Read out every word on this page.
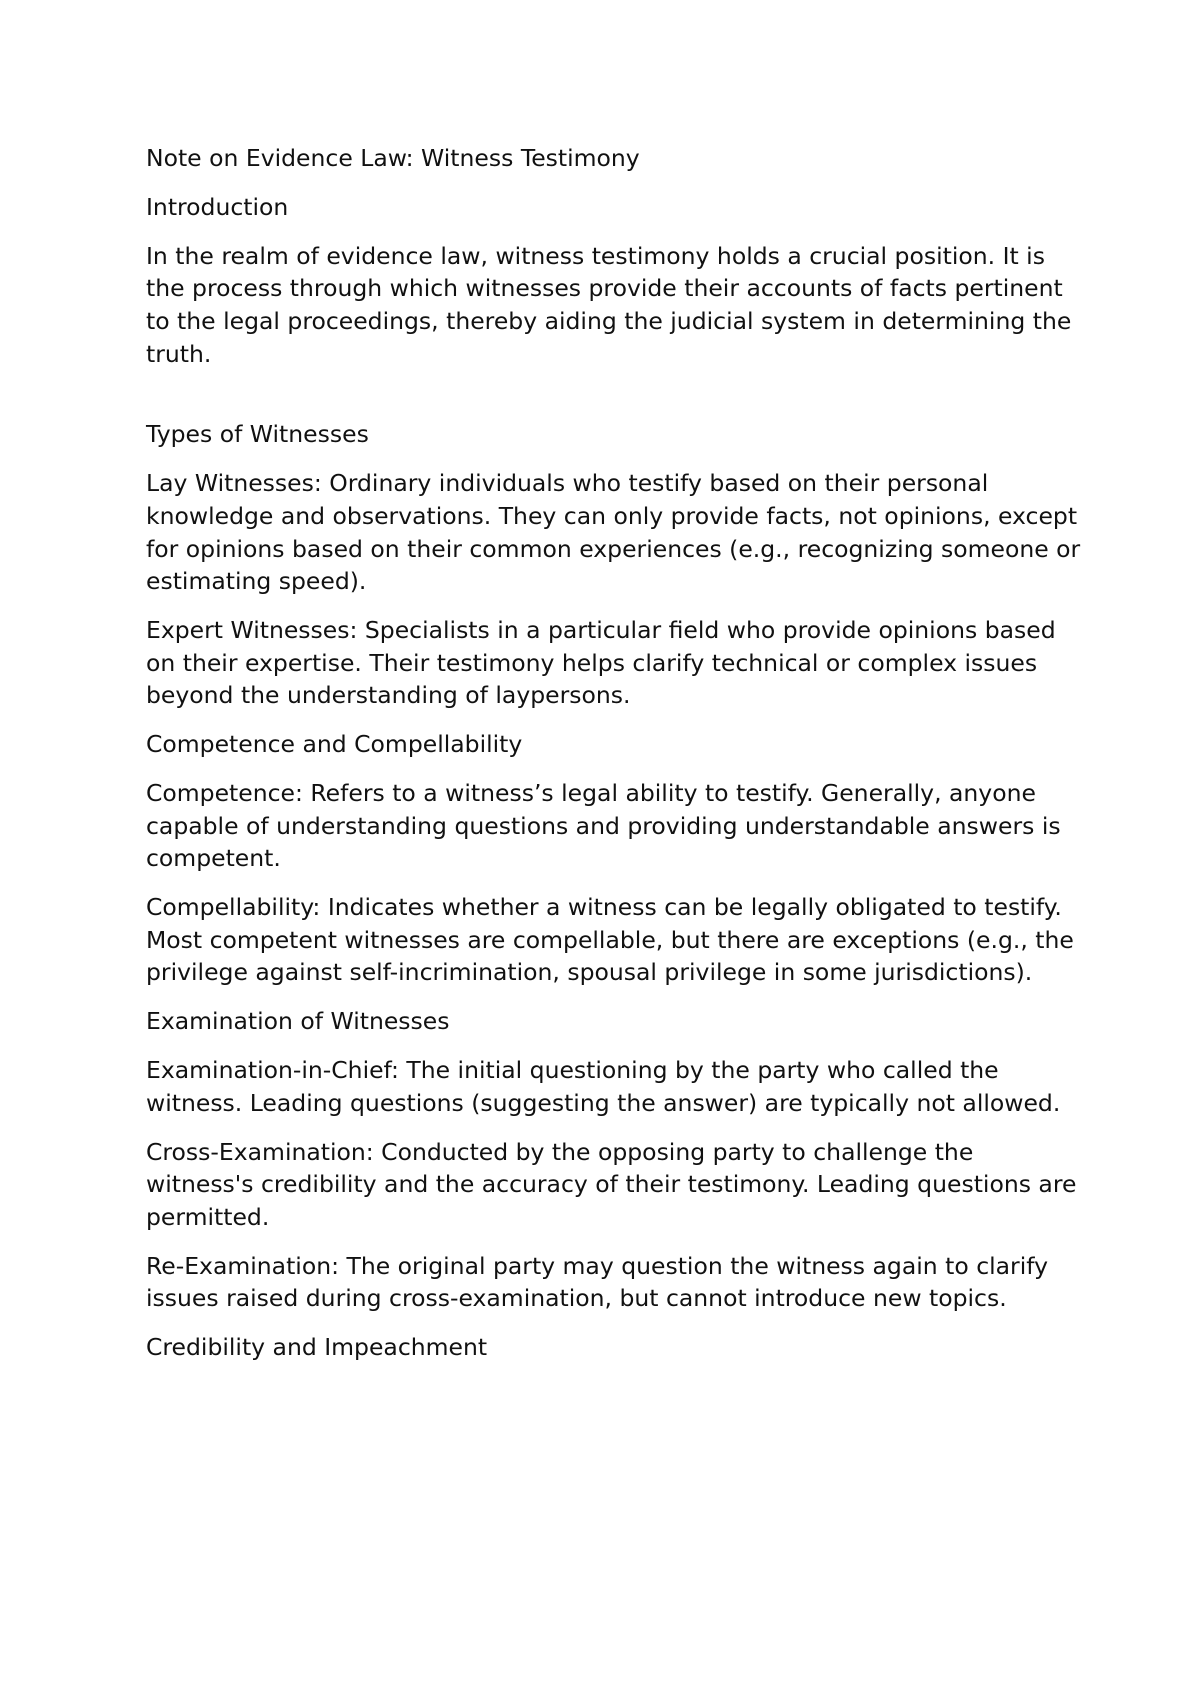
Note on Evidence Law: Witness Testimony

Introduction

In the realm of evidence law, witness testimony holds a crucial position. It is the process through which witnesses provide their accounts of facts pertinent to the legal proceedings, thereby aiding the judicial system in determining the truth.

Types of Witnesses

Lay Witnesses: Ordinary individuals who testify based on their personal knowledge and observations. They can only provide facts, not opinions, except for opinions based on their common experiences (e.g., recognizing someone or estimating speed).

Expert Witnesses: Specialists in a particular field who provide opinions based on their expertise. Their testimony helps clarify technical or complex issues beyond the understanding of laypersons.

Competence and Compellability

Competence: Refers to a witness’s legal ability to testify. Generally, anyone capable of understanding questions and providing understandable answers is competent.

Compellability: Indicates whether a witness can be legally obligated to testify. Most competent witnesses are compellable, but there are exceptions (e.g., the privilege against self-incrimination, spousal privilege in some jurisdictions).

Examination of Witnesses

Examination-in-Chief: The initial questioning by the party who called the witness. Leading questions (suggesting the answer) are typically not allowed.

Cross-Examination: Conducted by the opposing party to challenge the witness's credibility and the accuracy of their testimony. Leading questions are permitted.

Re-Examination: The original party may question the witness again to clarify issues raised during cross-examination, but cannot introduce new topics.

Credibility and Impeachment
